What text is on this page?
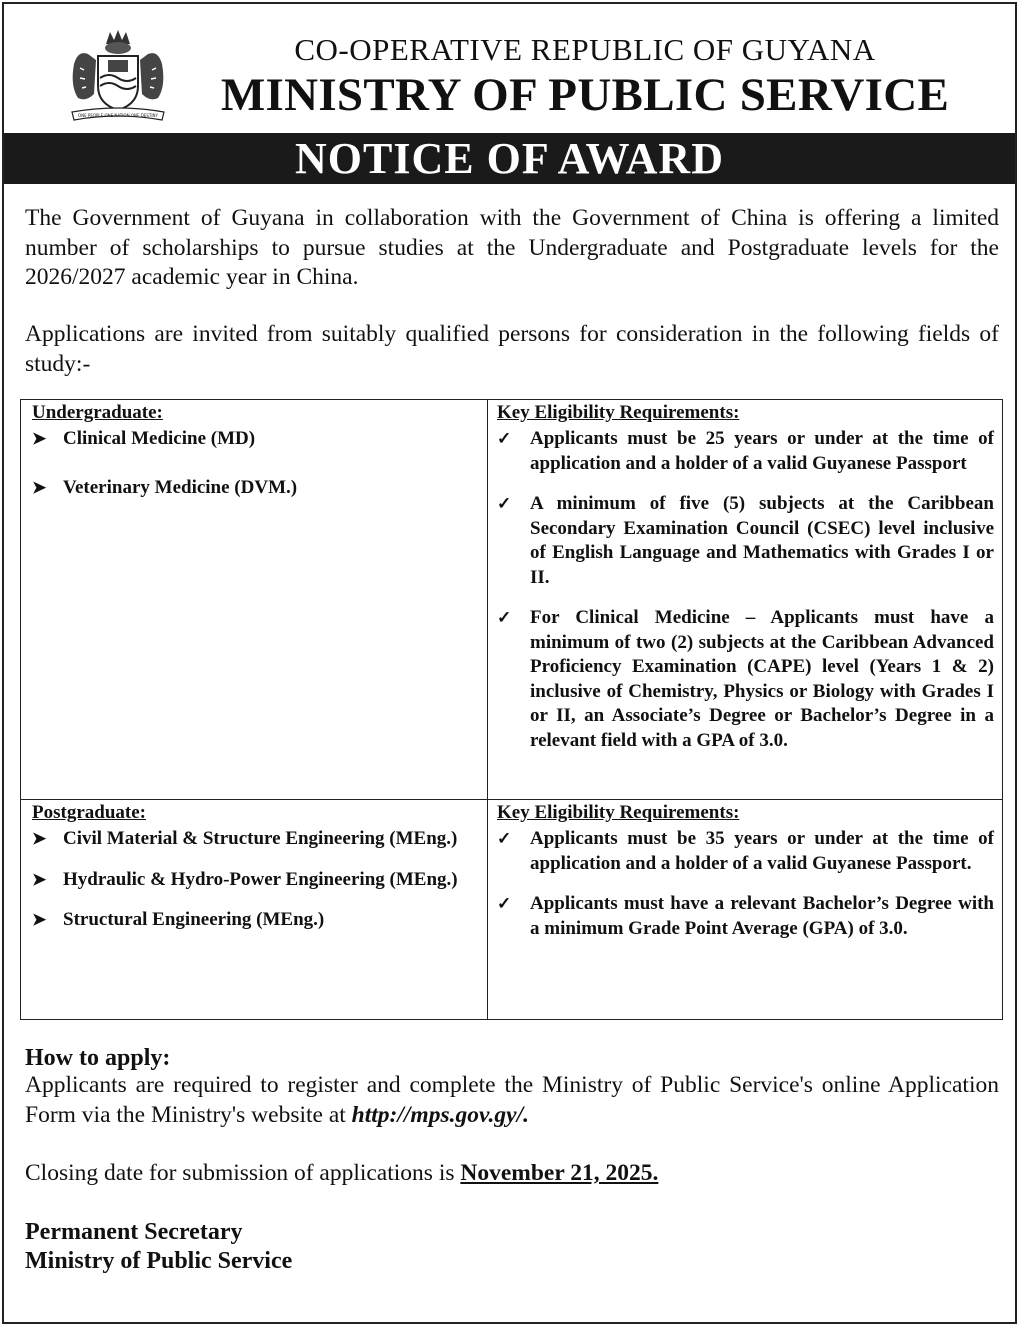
ONE PEOPLE ONE NATION ONE DESTINY
CO-OPERATIVE REPUBLIC OF GUYANA
MINISTRY OF PUBLIC SERVICE
NOTICE OF AWARD
The Government of Guyana in collaboration with the Government of China is offering a limited number of scholarships to pursue studies at the Undergraduate and Postgraduate levels for the 2026/2027 academic year in China.
Applications are invited from suitably qualified persons for consideration in the following fields of study:-
Undergraduate:
➤ Clinical Medicine (MD)
➤ Veterinary Medicine (DVM.)
Key Eligibility Requirements:
✓ Applicants must be 25 years or under at the time of application and a holder of a valid Guyanese Passport
✓ A minimum of five (5) subjects at the Caribbean Secondary Examination Council (CSEC) level inclusive of English Language and Mathematics with Grades I or II.
✓ For Clinical Medicine – Applicants must have a minimum of two (2) subjects at the Caribbean Advanced Proficiency Examination (CAPE) level (Years 1 & 2) inclusive of Chemistry, Physics or Biology with Grades I or II, an Associate’s Degree or Bachelor’s Degree in a relevant field with a GPA of 3.0.
Postgraduate:
➤ Civil Material & Structure Engineering (MEng.)
➤ Hydraulic & Hydro-Power Engineering (MEng.)
➤ Structural Engineering (MEng.)
Key Eligibility Requirements:
✓ Applicants must be 35 years or under at the time of application and a holder of a valid Guyanese Passport.
✓ Applicants must have a relevant Bachelor’s Degree with a minimum Grade Point Average (GPA) of 3.0.
How to apply:
Applicants are required to register and complete the Ministry of Public Service's online Application Form via the Ministry's website at http://mps.gov.gy/.
Closing date for submission of applications is November 21, 2025.
Permanent Secretary
Ministry of Public Service
